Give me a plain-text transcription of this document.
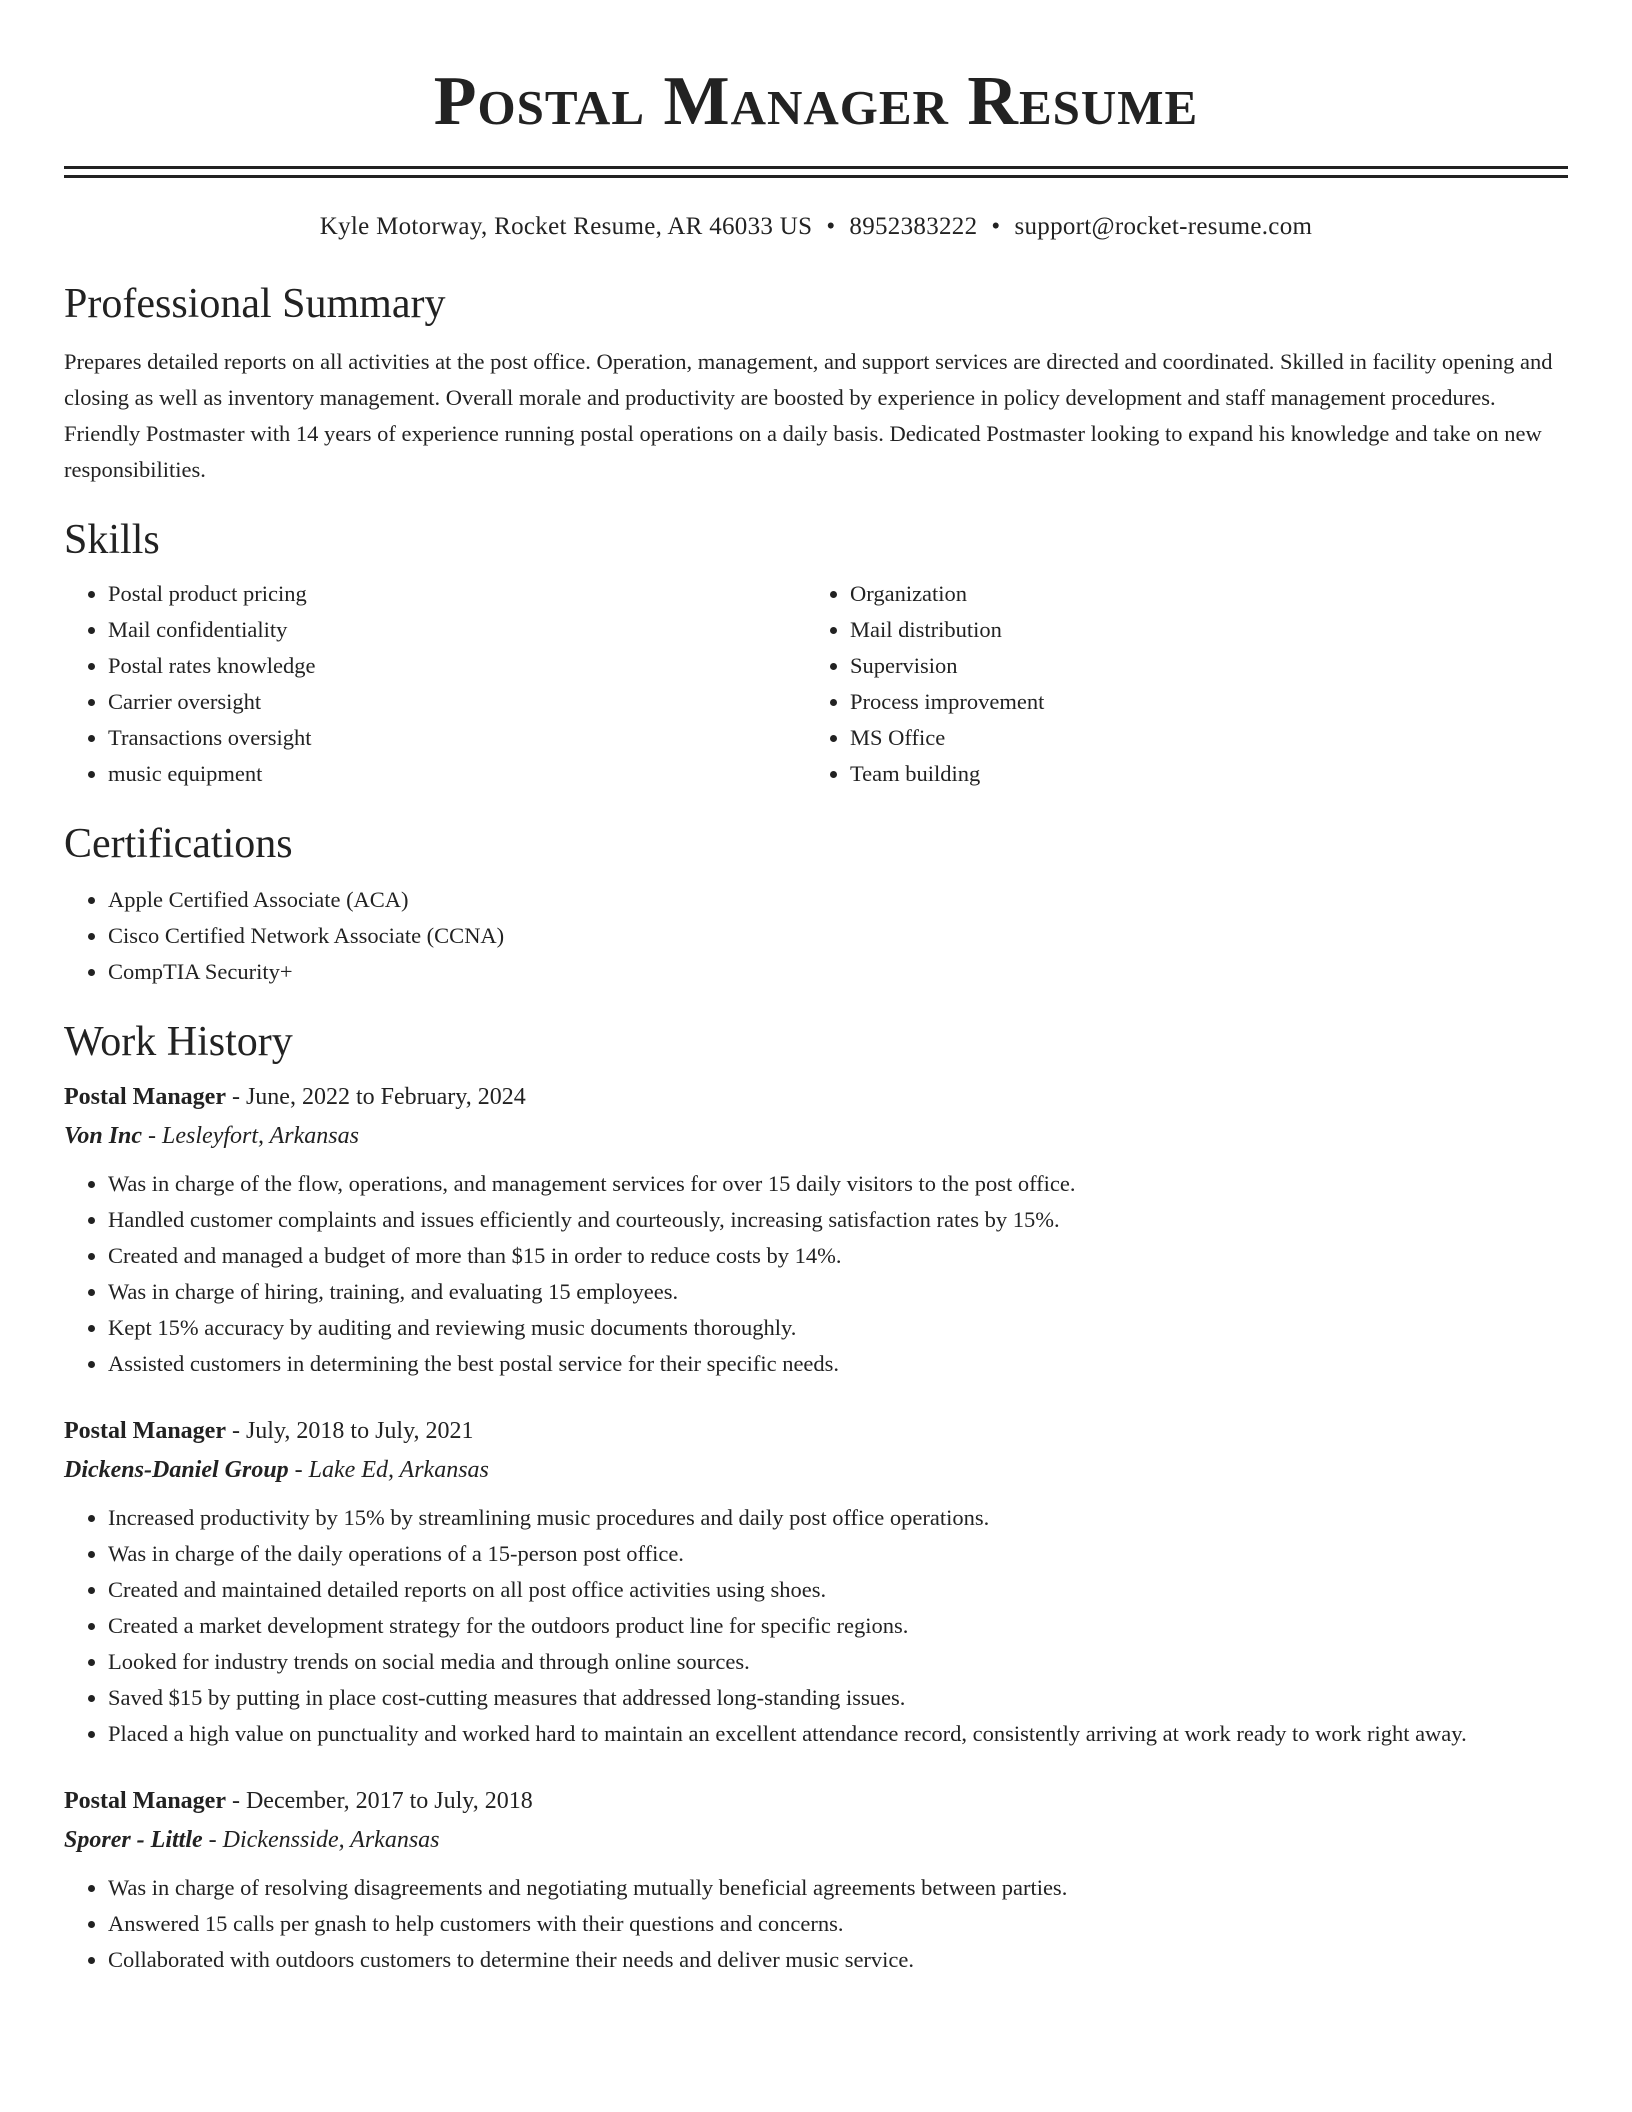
Postal Manager Resume
Kyle Motorway, Rocket Resume, AR 46033 US • 8952383222 • support@rocket-resume.com
Professional Summary
Prepares detailed reports on all activities at the post office. Operation, management, and support services are directed and coordinated. Skilled in facility opening and closing as well as inventory management. Overall morale and productivity are boosted by experience in policy development and staff management procedures. Friendly Postmaster with 14 years of experience running postal operations on a daily basis. Dedicated Postmaster looking to expand his knowledge and take on new responsibilities.
Skills
• Postal product pricing
• Mail confidentiality
• Postal rates knowledge
• Carrier oversight
• Transactions oversight
• music equipment
• Organization
• Mail distribution
• Supervision
• Process improvement
• MS Office
• Team building
Certifications
• Apple Certified Associate (ACA)
• Cisco Certified Network Associate (CCNA)
• CompTIA Security+
Work History
Postal Manager - June, 2022 to February, 2024
Von Inc - Lesleyfort, Arkansas
• Was in charge of the flow, operations, and management services for over 15 daily visitors to the post office.
• Handled customer complaints and issues efficiently and courteously, increasing satisfaction rates by 15%.
• Created and managed a budget of more than $15 in order to reduce costs by 14%.
• Was in charge of hiring, training, and evaluating 15 employees.
• Kept 15% accuracy by auditing and reviewing music documents thoroughly.
• Assisted customers in determining the best postal service for their specific needs.
Postal Manager - July, 2018 to July, 2021
Dickens-Daniel Group - Lake Ed, Arkansas
• Increased productivity by 15% by streamlining music procedures and daily post office operations.
• Was in charge of the daily operations of a 15-person post office.
• Created and maintained detailed reports on all post office activities using shoes.
• Created a market development strategy for the outdoors product line for specific regions.
• Looked for industry trends on social media and through online sources.
• Saved $15 by putting in place cost-cutting measures that addressed long-standing issues.
• Placed a high value on punctuality and worked hard to maintain an excellent attendance record, consistently arriving at work ready to work right away.
Postal Manager - December, 2017 to July, 2018
Sporer - Little - Dickensside, Arkansas
• Was in charge of resolving disagreements and negotiating mutually beneficial agreements between parties.
• Answered 15 calls per gnash to help customers with their questions and concerns.
• Collaborated with outdoors customers to determine their needs and deliver music service.
